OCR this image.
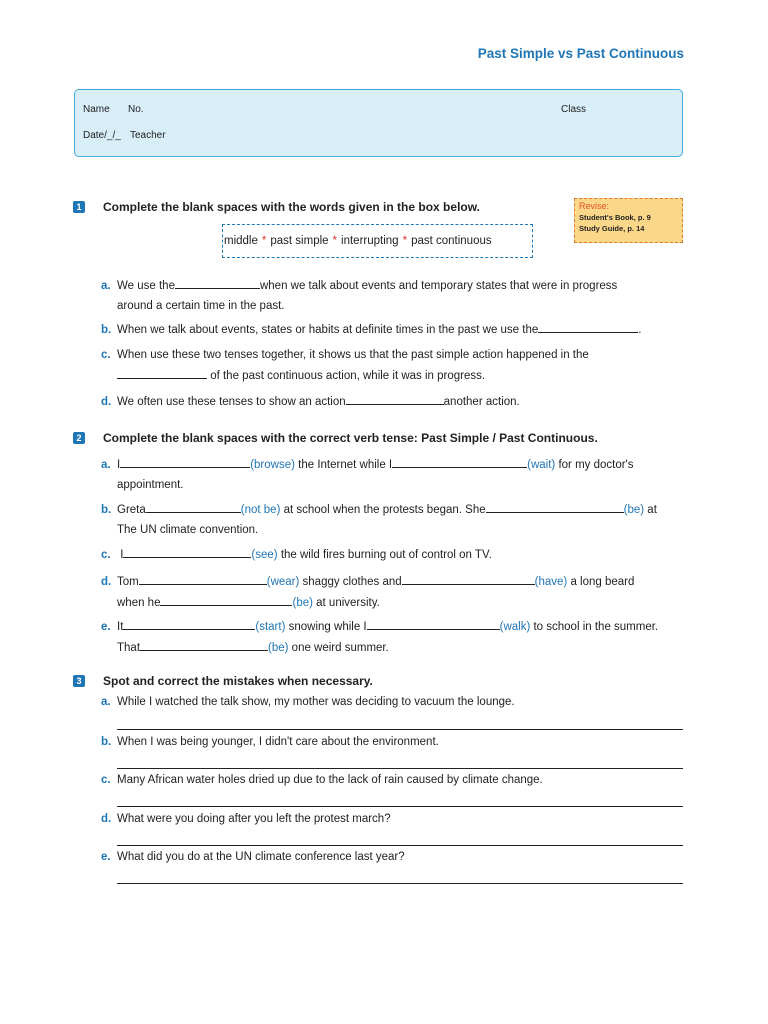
Past Simple vs Past Continuous
Name No.	Class
Date/_/_ Teacher
1 Complete the blank spaces with the words given in the box below.	Revise:
Student's Book, p. 9
Study Guide, p. 14
middle * past simple * interrupting * past continuous
a. We use the	when we talk about events and temporary states that were in progress
around a certain time in the past.
b. When we talk about events, states or habits at definite times in the past we use the	.
c. When use these two tenses together, it shows us that the past simple action happened in the
of the past continuous action, while it was in progress.
d. We often use these tenses to show an action	another action.
2 Complete the blank spaces with the correct verb tense: Past Simple / Past Continuous.
a. I	(browse) the Internet while I	(wait) for my doctor's
appointment.
b. Greta	(not be) at school when the protests began. She	(be) at
The UN climate convention.
c. I	(see) the wild fires burning out of control on TV.
d. Tom	(wear) shaggy clothes and	(have) a long beard
when he	(be) at university.
e. It	(start) snowing while I	(walk) to school in the summer.
That	(be) one weird summer.
3 Spot and correct the mistakes when necessary.
a. While I watched the talk show, my mother was deciding to vacuum the lounge.
b. When I was being younger, I didn't care about the environment.
c. Many African water holes dried up due to the lack of rain caused by climate change.
d. What were you doing after you left the protest march?
e. What did you do at the UN climate conference last year?
